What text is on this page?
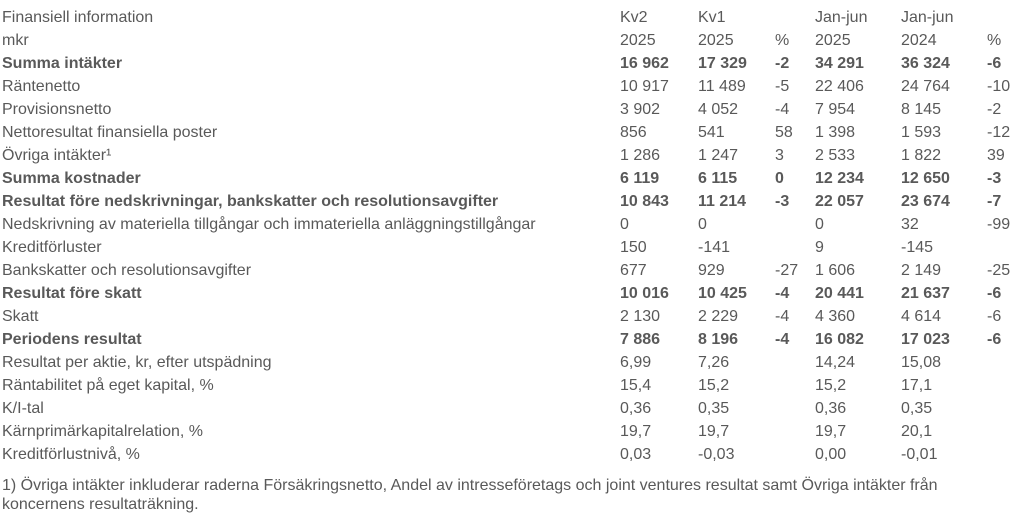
Finansiell information	Kv2	Kv1		Jan-jun	Jan-jun	
mkr	2025	2025	%	2025	2024	%
Summa intäkter	16 962	17 329	-2	34 291	36 324	-6
Räntenetto	10 917	11 489	-5	22 406	24 764	-10
Provisionsnetto	3 902	4 052	-4	7 954	8 145	-2
Nettoresultat finansiella poster	856	541	58	1 398	1 593	-12
Övriga intäkter¹	1 286	1 247	3	2 533	1 822	39
Summa kostnader	6 119	6 115	0	12 234	12 650	-3
Resultat före nedskrivningar, bankskatter och resolutionsavgifter	10 843	11 214	-3	22 057	23 674	-7
Nedskrivning av materiella tillgångar och immateriella anläggningstillgångar	0	0		0	32	-99
Kreditförluster	150	-141		9	-145	
Bankskatter och resolutionsavgifter	677	929	-27	1 606	2 149	-25
Resultat före skatt	10 016	10 425	-4	20 441	21 637	-6
Skatt	2 130	2 229	-4	4 360	4 614	-6
Periodens resultat	7 886	8 196	-4	16 082	17 023	-6
Resultat per aktie, kr, efter utspädning	6,99	7,26		14,24	15,08	
Räntabilitet på eget kapital, %	15,4	15,2		15,2	17,1	
K/I-tal	0,36	0,35		0,36	0,35	
Kärnprimärkapitalrelation, %	19,7	19,7		19,7	20,1	
Kreditförlustnivå, %	0,03	-0,03		0,00	-0,01	
1) Övriga intäkter inkluderar raderna Försäkringsnetto, Andel av intresseföretags och joint ventures resultat samt Övriga intäkter från koncernens resultaträkning.
